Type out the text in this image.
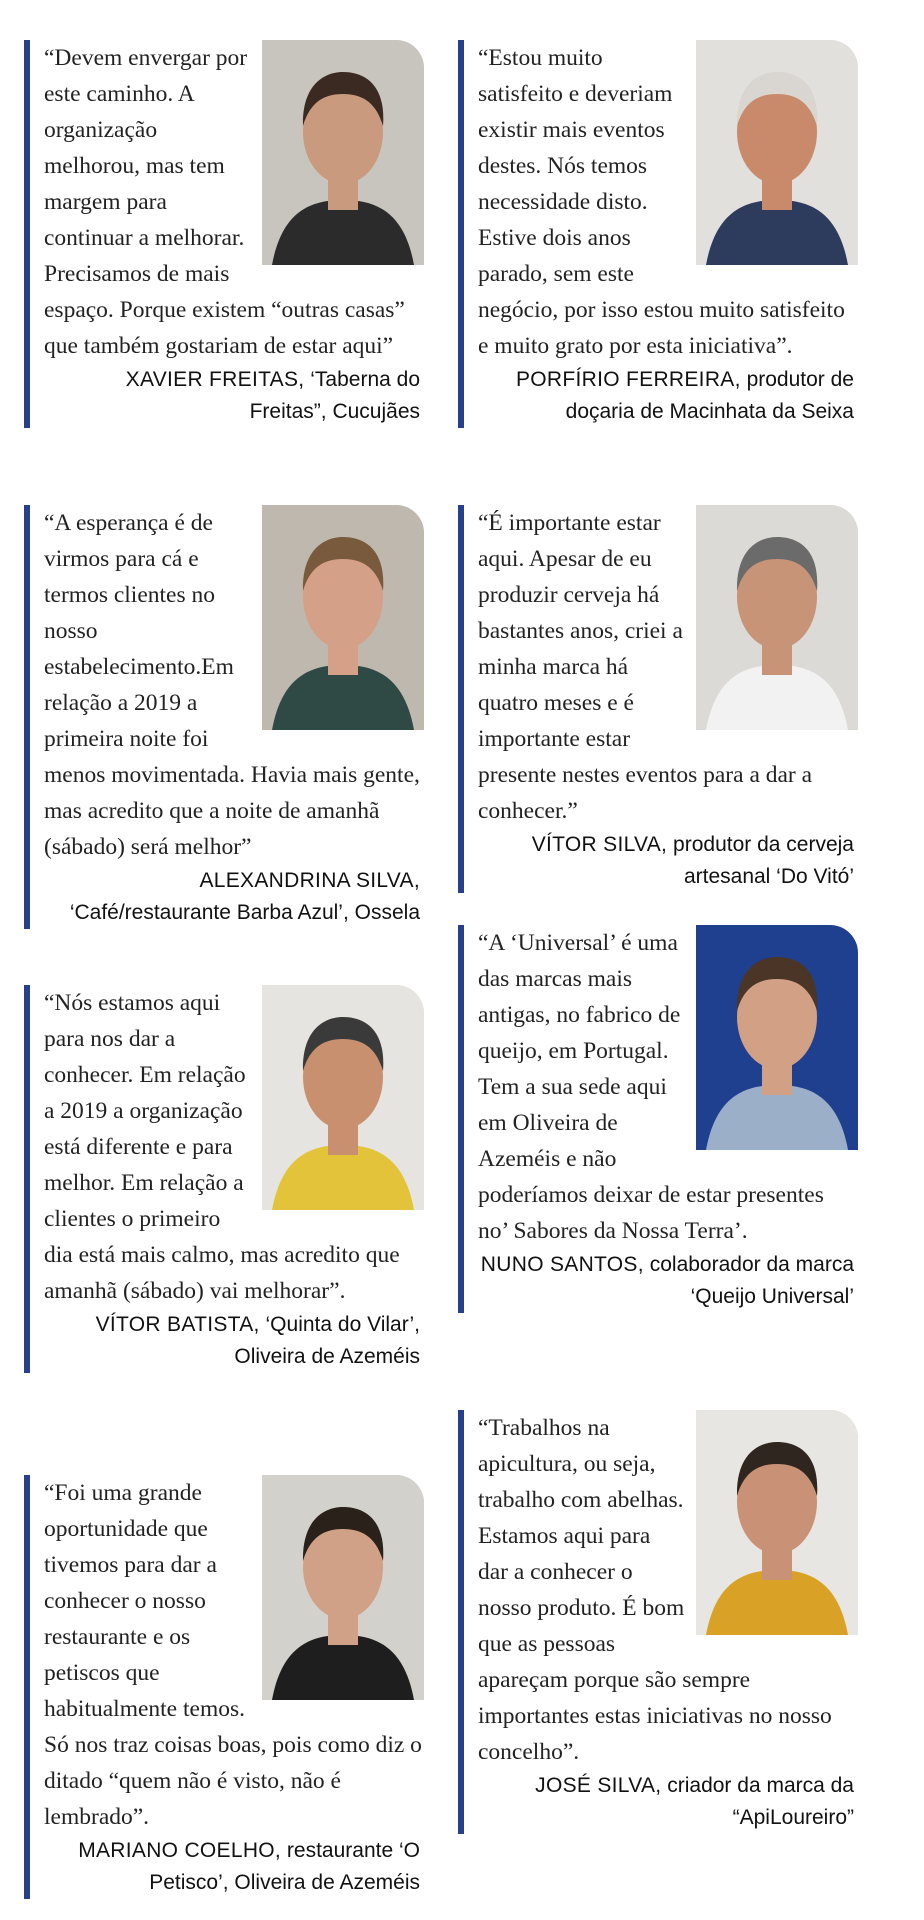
“Devem envergar por este caminho. A organização melhorou, mas tem margem para continuar a melhorar. Precisamos de mais espaço. Porque existem “outras casas” que também gostariam de estar aqui”

XAVIER FREITAS, ‘Taberna do Freitas”, Cucujães

“A esperança é de virmos para cá e termos clientes no nosso estabelecimento.Em relação a 2019 a primeira noite foi menos movimentada. Havia mais gente, mas acredito que a noite de amanhã (sábado) será melhor”

ALEXANDRINA SILVA, ‘Café/restaurante Barba Azul’, Ossela

“Nós estamos aqui para nos dar a conhecer. Em relação a 2019 a organização está diferente e para melhor. Em relação a clientes o primeiro dia está mais calmo, mas acredito que amanhã (sábado) vai melhorar”.

VÍTOR BATISTA, ‘Quinta do Vilar’, Oliveira de Azeméis

“Foi uma grande oportunidade que tivemos para dar a conhecer o nosso restaurante e os petiscos que habitualmente temos. Só nos traz coisas boas, pois como diz o ditado “quem não é visto, não é lembrado”.

MARIANO COELHO, restaurante ‘O Petisco’, Oliveira de Azeméis

“Estou muito satisfeito e deveriam existir mais eventos destes. Nós temos necessidade disto. Estive dois anos parado, sem este negócio, por isso estou muito satisfeito e muito grato por esta iniciativa”.

PORFÍRIO FERREIRA, produtor de doçaria de Macinhata da Seixa

“É importante estar aqui. Apesar de eu produzir cerveja há bastantes anos, criei a minha marca há quatro meses e é importante estar presente nestes eventos para a dar a conhecer.”

VÍTOR SILVA, produtor da cerveja artesanal ‘Do Vitó’

“A ‘Universal’ é uma das marcas mais antigas, no fabrico de queijo, em Portugal. Tem a sua sede aqui em Oliveira de Azeméis e não poderíamos deixar de estar presentes no’ Sabores da Nossa Terra’.

NUNO SANTOS, colaborador da marca ‘Queijo Universal’

“Trabalhos na apicultura, ou seja, trabalho com abelhas. Estamos aqui para dar a conhecer o nosso produto. É bom que as pessoas apareçam porque são sempre importantes estas iniciativas no nosso concelho”.

JOSÉ SILVA, criador da marca da “ApiLoureiro”
